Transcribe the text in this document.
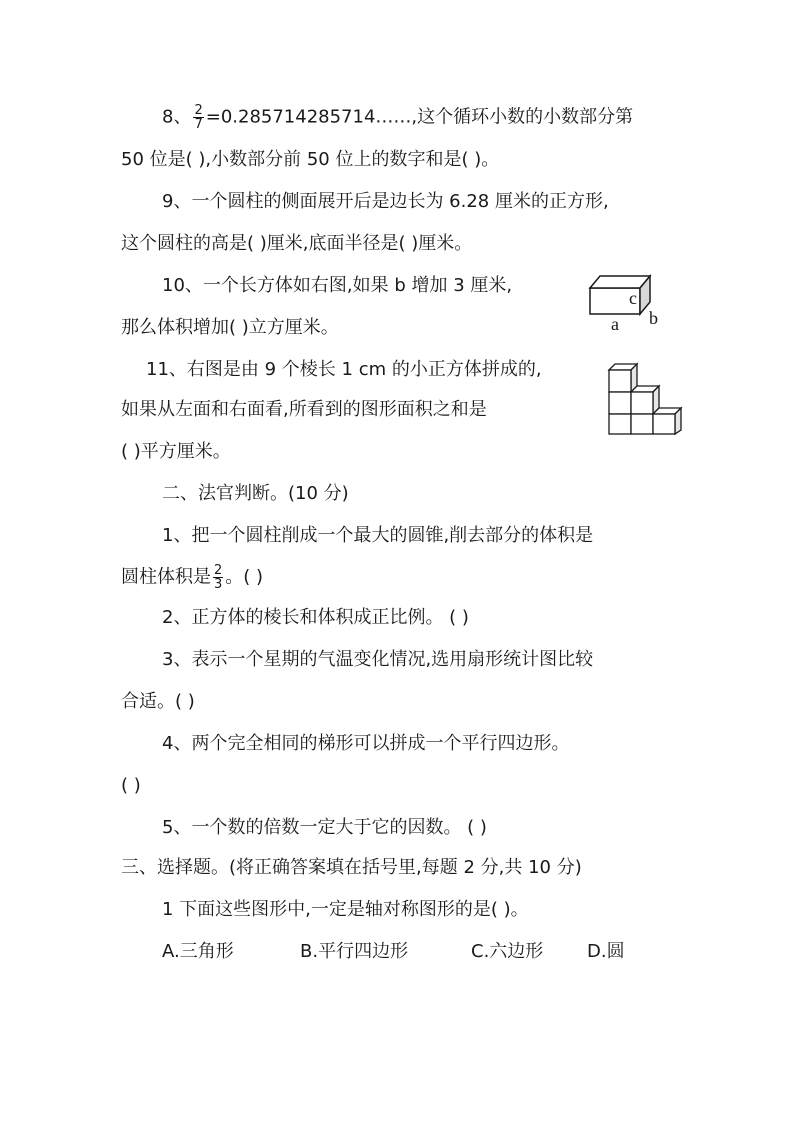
8、 $\frac{2}{7}$ =0.285714285714……,这个循环小数的小数部分第
50 位是( ),小数部分前 50 位上的数字和是( )。
9、一个圆柱的侧面展开后是边长为 6.28 厘米的正方形,
这个圆柱的高是( )厘米,底面半径是( )厘米。
10、一个长方体如右图,如果 b 增加 3 厘米,
那么体积增加( )立方厘米。
c
a b
11、右图是由 9 个棱长 1 cm 的小正方体拼成的,
如果从左面和右面看,所看到的图形面积之和是
( )平方厘米。
二、法官判断。(10 分)
1、把一个圆柱削成一个最大的圆锥,削去部分的体积是
圆柱体积是 $\frac{2}{3}$ 。( )
2、正方体的棱长和体积成正比例。 ( )
3、表示一个星期的气温变化情况,选用扇形统计图比较
合适。( )
4、两个完全相同的梯形可以拼成一个平行四边形。
( )
5、一个数的倍数一定大于它的因数。 ( )
三、选择题。(将正确答案填在括号里,每题 2 分,共 10 分)
1 下面这些图形中,一定是轴对称图形的是( )。
A.三角形	B.平行四边形	C.六边形 D.圆
